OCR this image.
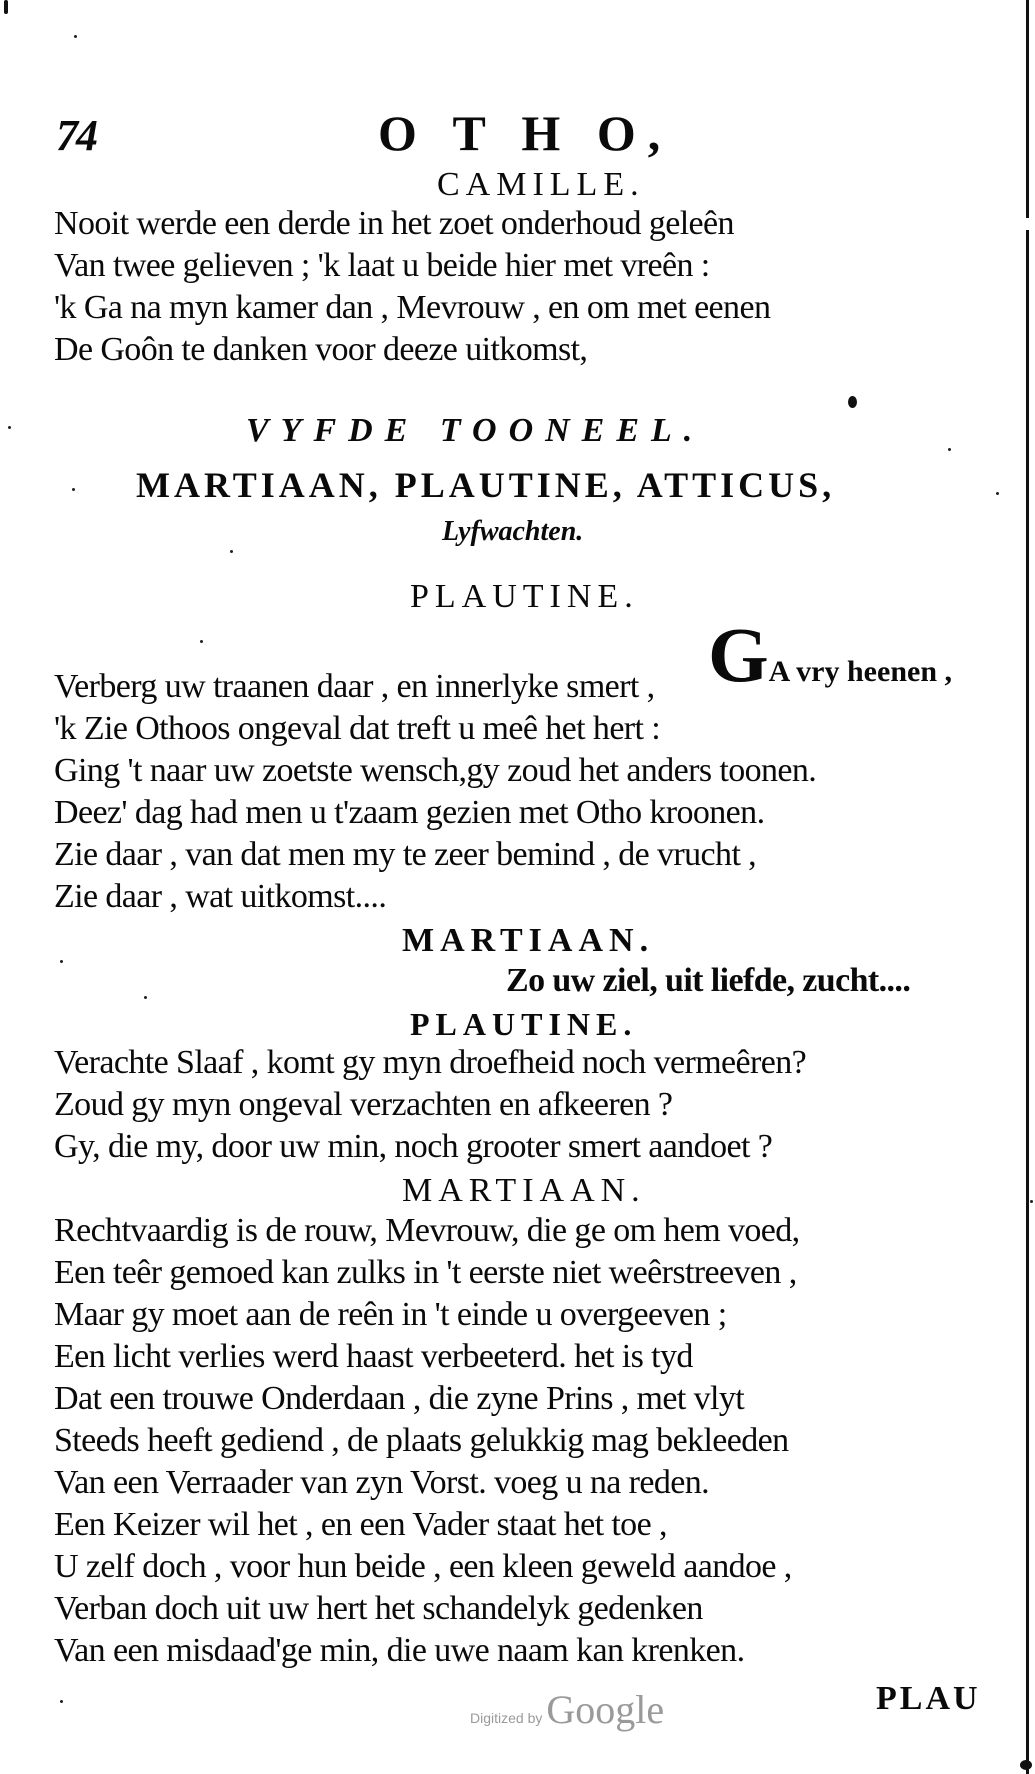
74	O T H O,
CAMILLE.
Nooit werde een derde in het zoet onderhoud geleên
Van twee gelieven ; 'k laat u beide hier met vreên :
'k Ga na myn kamer dan , Mevrouw , en om met eenen
De Goôn te danken voor deeze uitkomst,
VYFDE TOONEEL.
MARTIAAN, PLAUTINE, ATTICUS,
Lyfwachten.
PLAUTINE.
GA vry heenen ,
Verberg uw traanen daar , en innerlyke smert ,
'k Zie Othoos ongeval dat treft u meê het hert :
Ging 't naar uw zoetste wensch,gy zoud het anders toonen.
Deez' dag had men u t'zaam gezien met Otho kroonen.
Zie daar , van dat men my te zeer bemind , de vrucht ,
Zie daar , wat uitkomst....
MARTIAAN.
Zo uw ziel, uit liefde, zucht....
PLAUTINE.
Verachte Slaaf , komt gy myn droefheid noch vermeêren?
Zoud gy myn ongeval verzachten en afkeeren ?
Gy, die my, door uw min, noch grooter smert aandoet ?
MARTIAAN.
Rechtvaardig is de rouw, Mevrouw, die ge om hem voed,
Een teêr gemoed kan zulks in 't eerste niet weêrstreeven ,
Maar gy moet aan de reên in 't einde u overgeeven ;
Een licht verlies werd haast verbeeterd. het is tyd
Dat een trouwe Onderdaan , die zyne Prins , met vlyt
Steeds heeft gediend , de plaats gelukkig mag bekleeden
Van een Verraader van zyn Vorst. voeg u na reden.
Een Keizer wil het , en een Vader staat het toe ,
U zelf doch , voor hun beide , een kleen geweld aandoe ,
Verban doch uit uw hert het schandelyk gedenken
Van een misdaad'ge min, die uwe naam kan krenken.
Digitized by Google	PLAU
